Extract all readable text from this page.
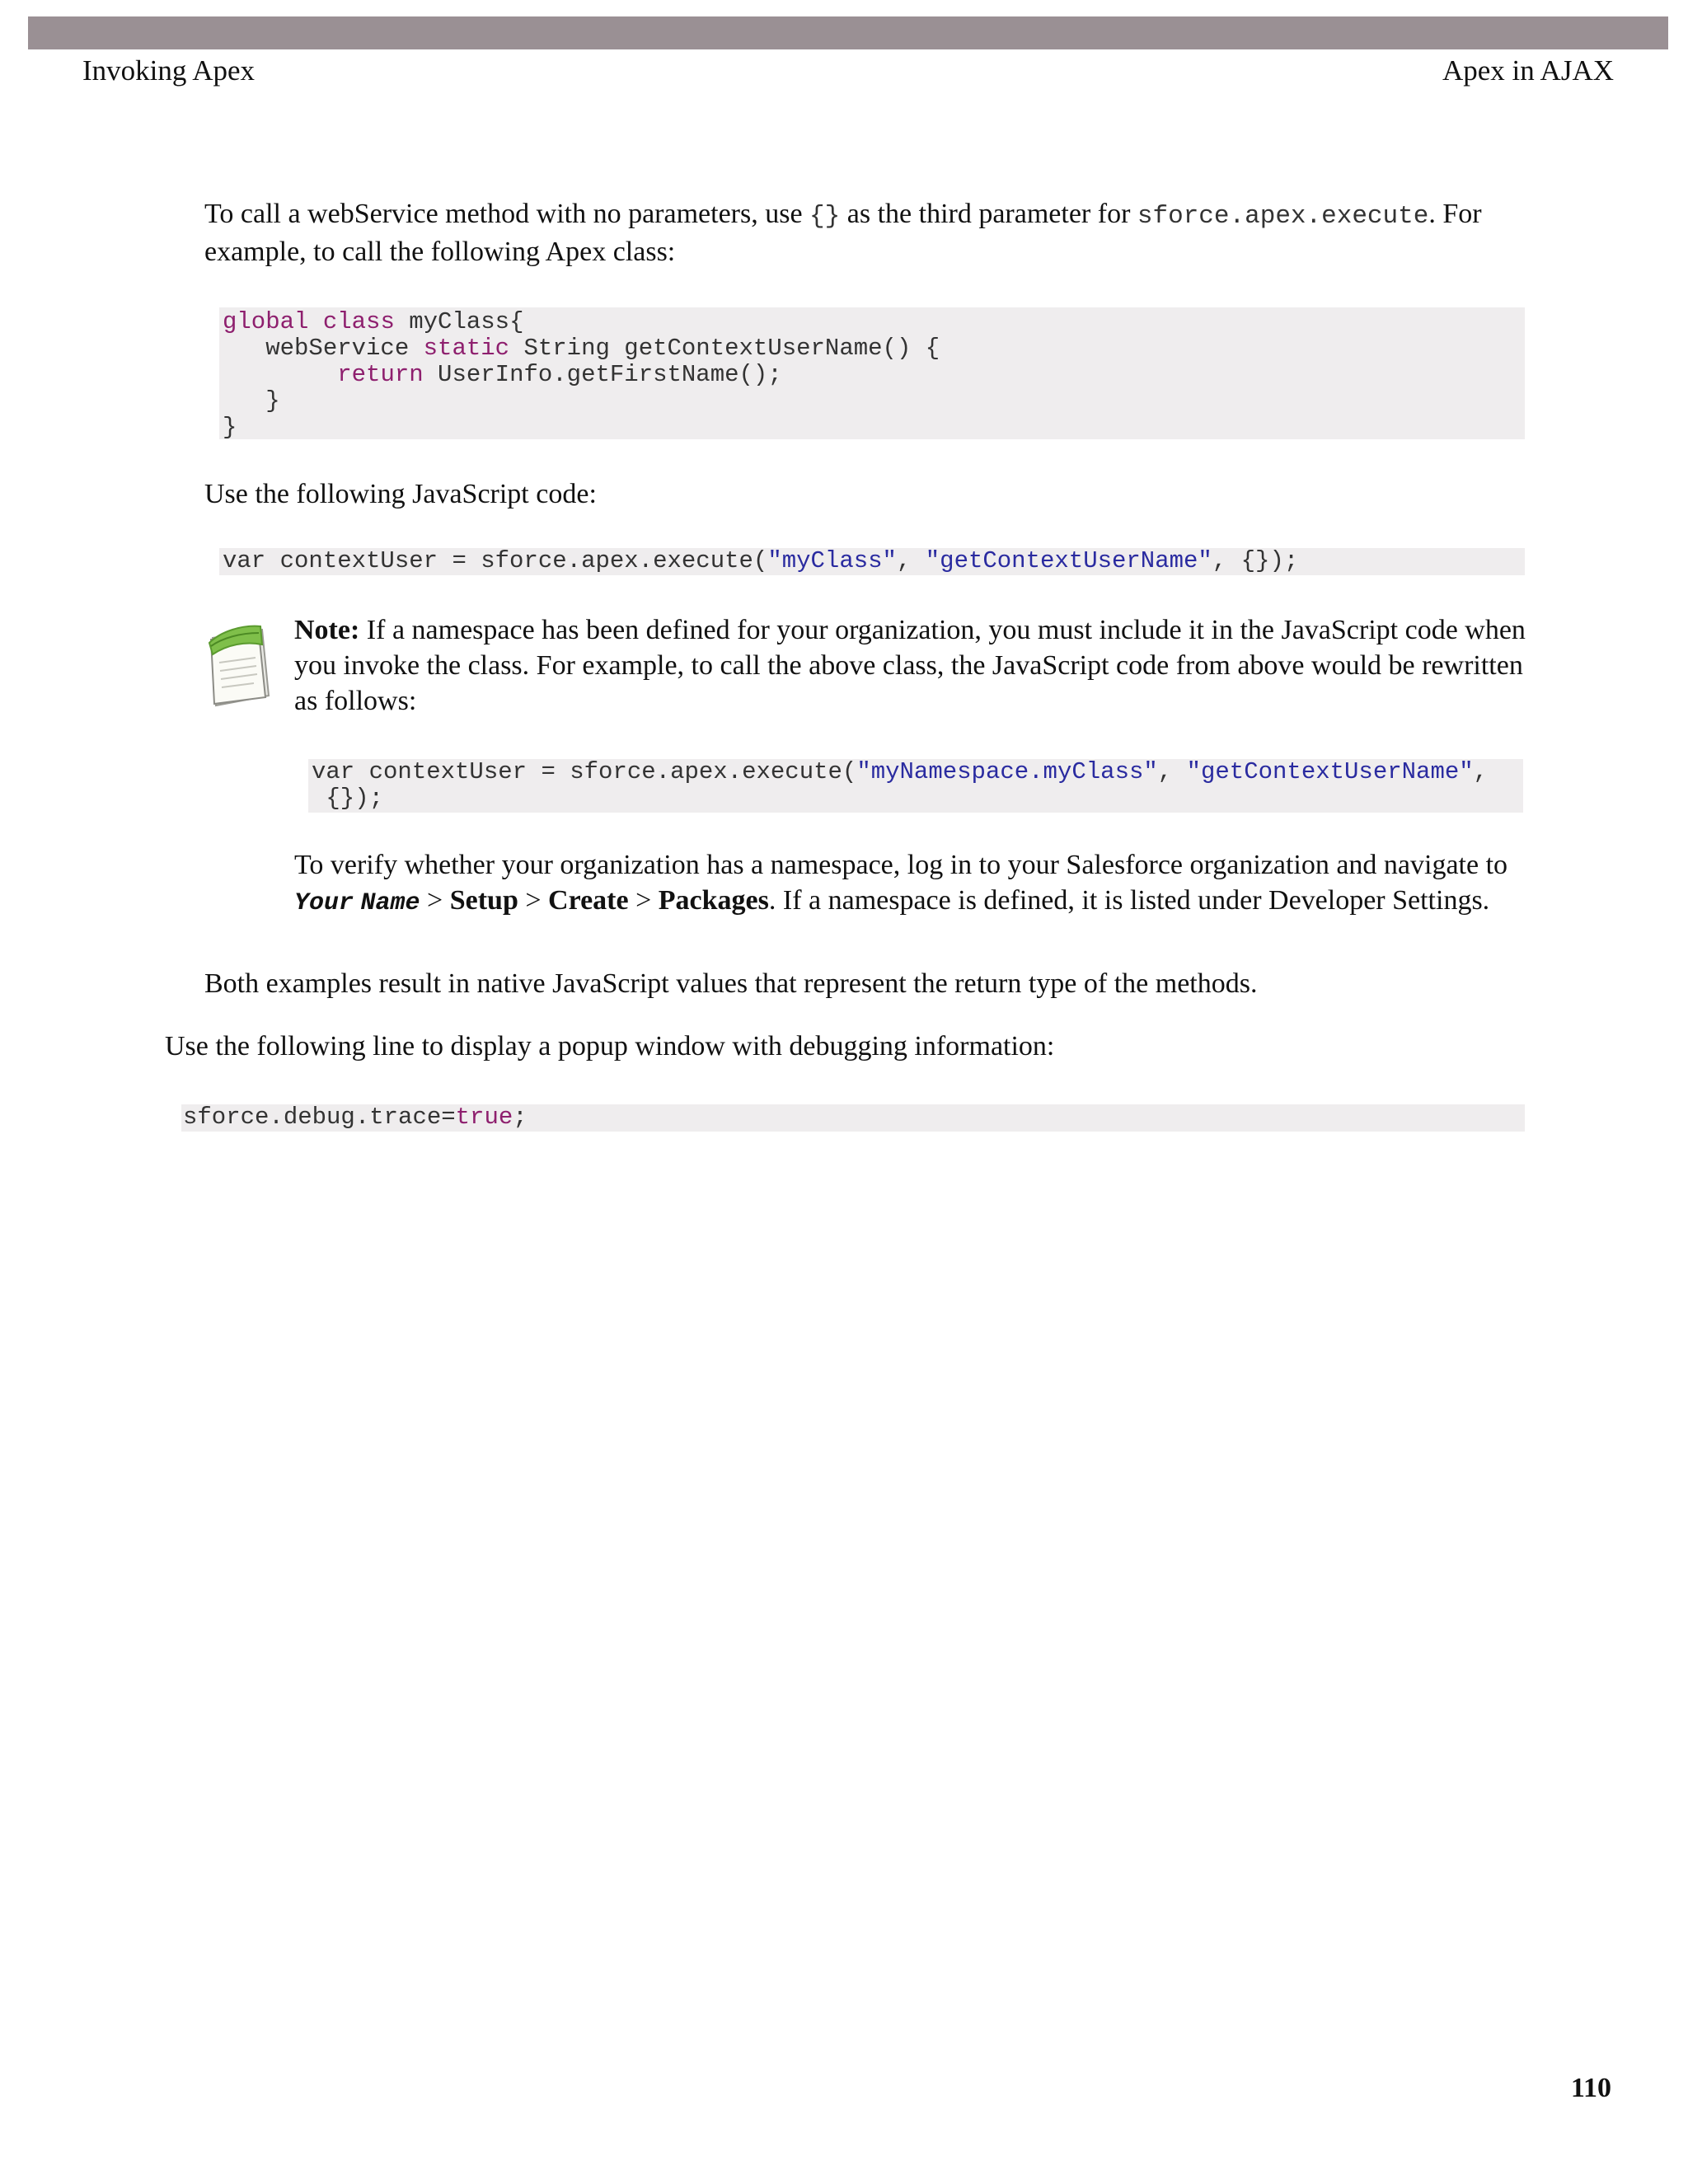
Invoking Apex	Apex in AJAX

To call a webService method with no parameters, use {} as the third parameter for sforce.apex.execute. For example, to call the following Apex class:

global class myClass{
webService static String getContextUserName() {
return UserInfo.getFirstName();
}
}

Use the following JavaScript code:

var contextUser = sforce.apex.execute("myClass", "getContextUserName", {});

Note: If a namespace has been defined for your organization, you must include it in the JavaScript code when you invoke the class. For example, to call the above class, the JavaScript code from above would be rewritten as follows:

var contextUser = sforce.apex.execute("myNamespace.myClass", "getContextUserName",
{});

To verify whether your organization has a namespace, log in to your Salesforce organization and navigate to Your Name > Setup > Create > Packages. If a namespace is defined, it is listed under Developer Settings.

Both examples result in native JavaScript values that represent the return type of the methods.

Use the following line to display a popup window with debugging information:

sforce.debug.trace=true;
110
